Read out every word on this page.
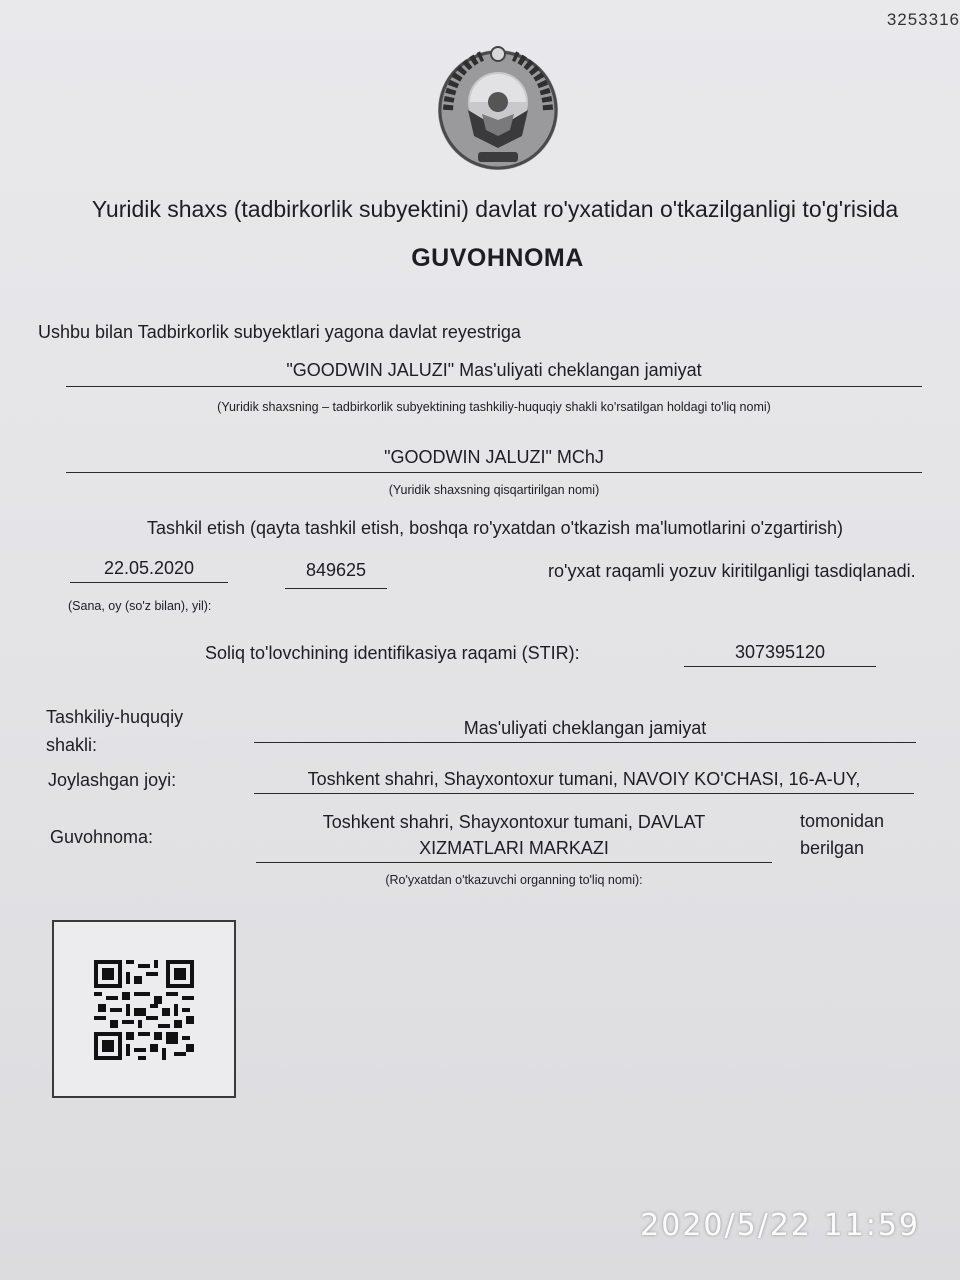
3253316
Yuridik shaxs (tadbirkorlik subyektini) davlat ro'yxatidan o'tkazilganligi to'g'risida
GUVOHNOMA
Ushbu bilan Tadbirkorlik subyektlari yagona davlat reyestriga
"GOODWIN JALUZI" Mas'uliyati cheklangan jamiyat
(Yuridik shaxsning – tadbirkorlik subyektining tashkiliy-huquqiy shakli ko'rsatilgan holdagi to'liq nomi)
"GOODWIN JALUZI" MChJ
(Yuridik shaxsning qisqartirilgan nomi)
Tashkil etish (qayta tashkil etish, boshqa ro'yxatdan o'tkazish ma'lumotlarini o'zgartirish)
22.05.2020	849625	ro'yxat raqamli yozuv kiritilganligi tasdiqlanadi.
(Sana, oy (so'z bilan), yil):
Soliq to'lovchining identifikasiya raqami (STIR):	307395120
Tashkiliy-huquqiy
shakli:
Mas'uliyati cheklangan jamiyat
Joylashgan joyi:	Toshkent shahri, Shayxontoxur tumani, NAVOIY KO'CHASI, 16-A-UY,
Guvohnoma:
Toshkent shahri, Shayxontoxur tumani, DAVLAT
XIZMATLARI MARKAZI
tomonidan
berilgan
(Ro'yxatdan o'tkazuvchi organning to'liq nomi):
2020/5/22 11:59
